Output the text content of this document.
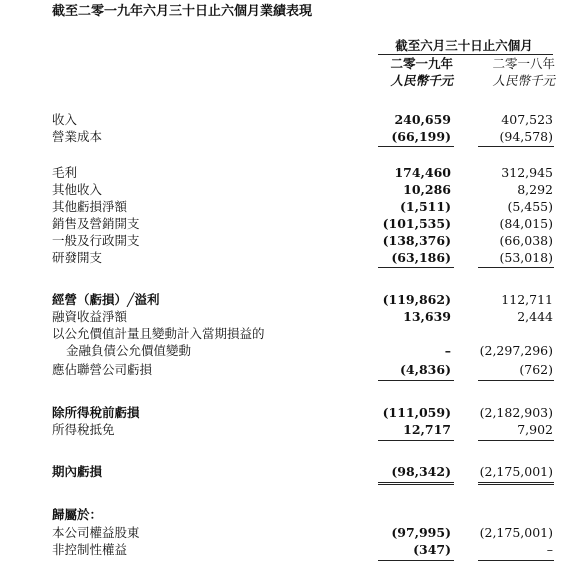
截至二零一九年六月三十日止六個月業績表現
截至六月三十日止六個月
二零一九年	二零一八年
人民幣千元	人民幣千元
收入	240,659	407,523
營業成本	(66,199)	(94,578)
毛利	174,460	312,945
其他收入	10,286	8,292
其他虧損淨額	(1,511)	(5,455)
銷售及營銷開支	(101,535)	(84,015)
一般及行政開支	(138,376)	(66,038)
研發開支	(63,186)	(53,018)
經營（虧損）╱溢利	(119,862)	112,711
融資收益淨額	13,639	2,444
以公允價值計量且變動計入當期損益的
金融負債公允價值變動	–	(2,297,296)
應佔聯營公司虧損	(4,836)	(762)
除所得稅前虧損	(111,059)	(2,182,903)
所得稅抵免	12,717	7,902
期內虧損	(98,342)	(2,175,001)
歸屬於：
本公司權益股東	(97,995)	(2,175,001)
非控制性權益	(347)	–
